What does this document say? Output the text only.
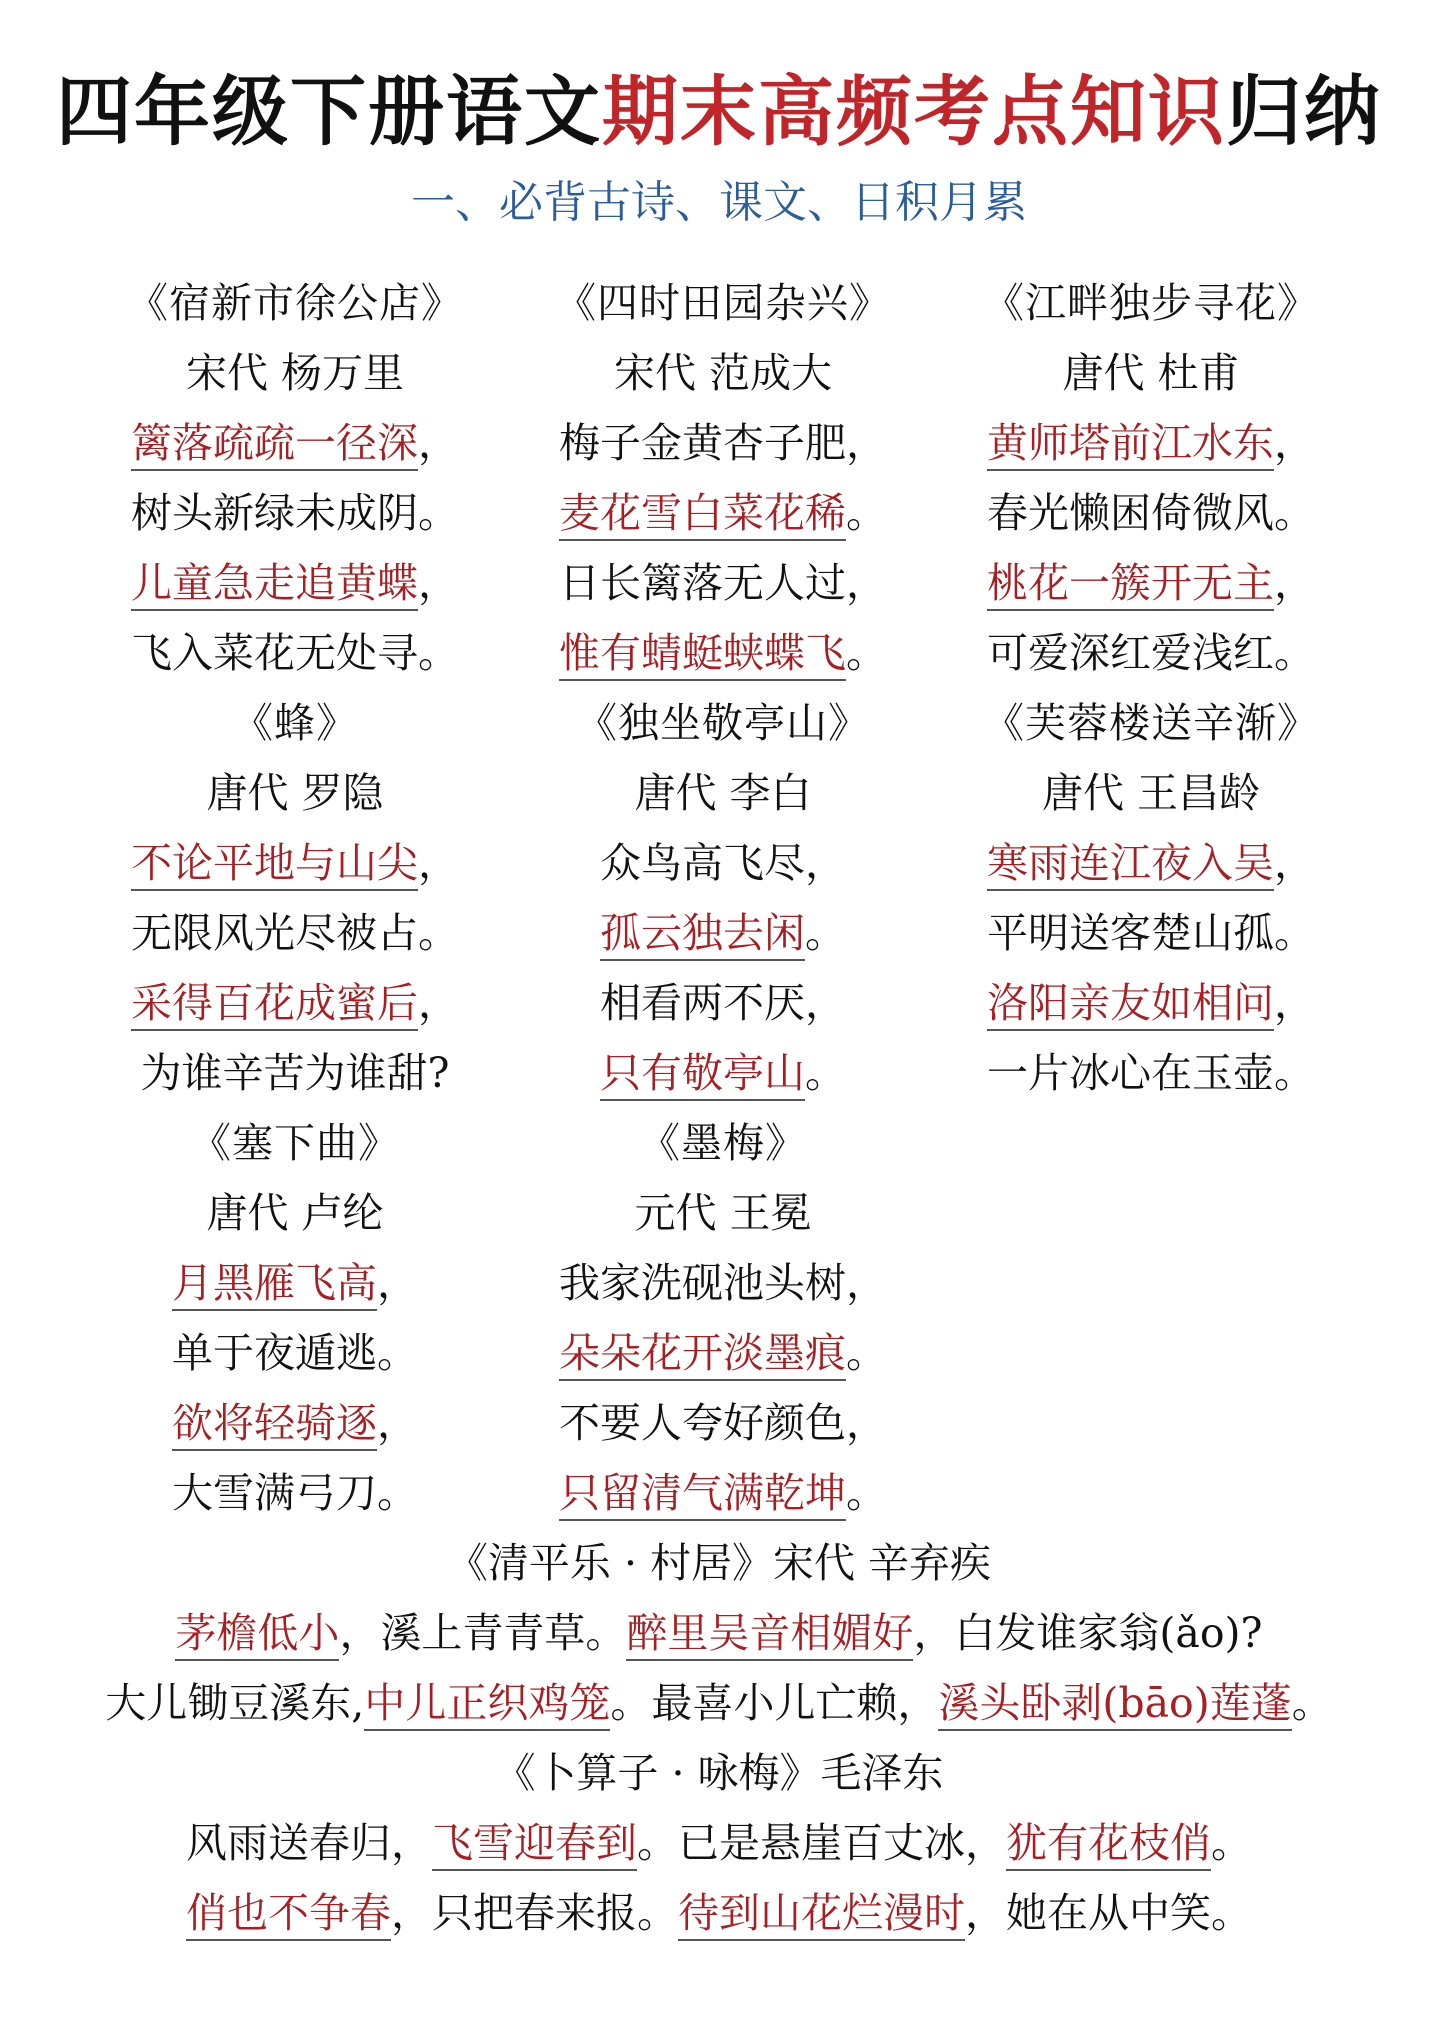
四年级下册语文期末高频考点知识归纳
一、必背古诗、课文、日积月累
《宿新市徐公店》
宋代 杨万里
篱落疏疏一径深，
树头新绿未成阴。
儿童急走追黄蝶，
飞入菜花无处寻。
《四时田园杂兴》
宋代 范成大
梅子金黄杏子肥，
麦花雪白菜花稀。
日长篱落无人过，
惟有蜻蜓蛱蝶飞。
《江畔独步寻花》
唐代 杜甫
黄师塔前江水东，
春光懒困倚微风。
桃花一簇开无主，
可爱深红爱浅红。
《蜂》
唐代 罗隐
不论平地与山尖，
无限风光尽被占。
采得百花成蜜后，
为谁辛苦为谁甜?
《独坐敬亭山》
唐代 李白
众鸟高飞尽，
孤云独去闲。
相看两不厌，
只有敬亭山。
《芙蓉楼送辛渐》
唐代 王昌龄
寒雨连江夜入吴，
平明送客楚山孤。
洛阳亲友如相问，
一片冰心在玉壶。
《塞下曲》
唐代 卢纶
月黑雁飞高，
单于夜遁逃。
欲将轻骑逐，
大雪满弓刀。
《墨梅》
元代 王冕
我家洗砚池头树，
朵朵花开淡墨痕。
不要人夸好颜色，
只留清气满乾坤。
《清平乐 · 村居》宋代 辛弃疾
茅檐低小，溪上青青草。醉里吴音相媚好，白发谁家翁(ǎo)?
大儿锄豆溪东,中儿正织鸡笼。最喜小儿亡赖，溪头卧剥(bāo)莲蓬。
《卜算子 · 咏梅》毛泽东
风雨送春归，飞雪迎春到。已是悬崖百丈冰，犹有花枝俏。
俏也不争春，只把春来报。待到山花烂漫时，她在从中笑。
